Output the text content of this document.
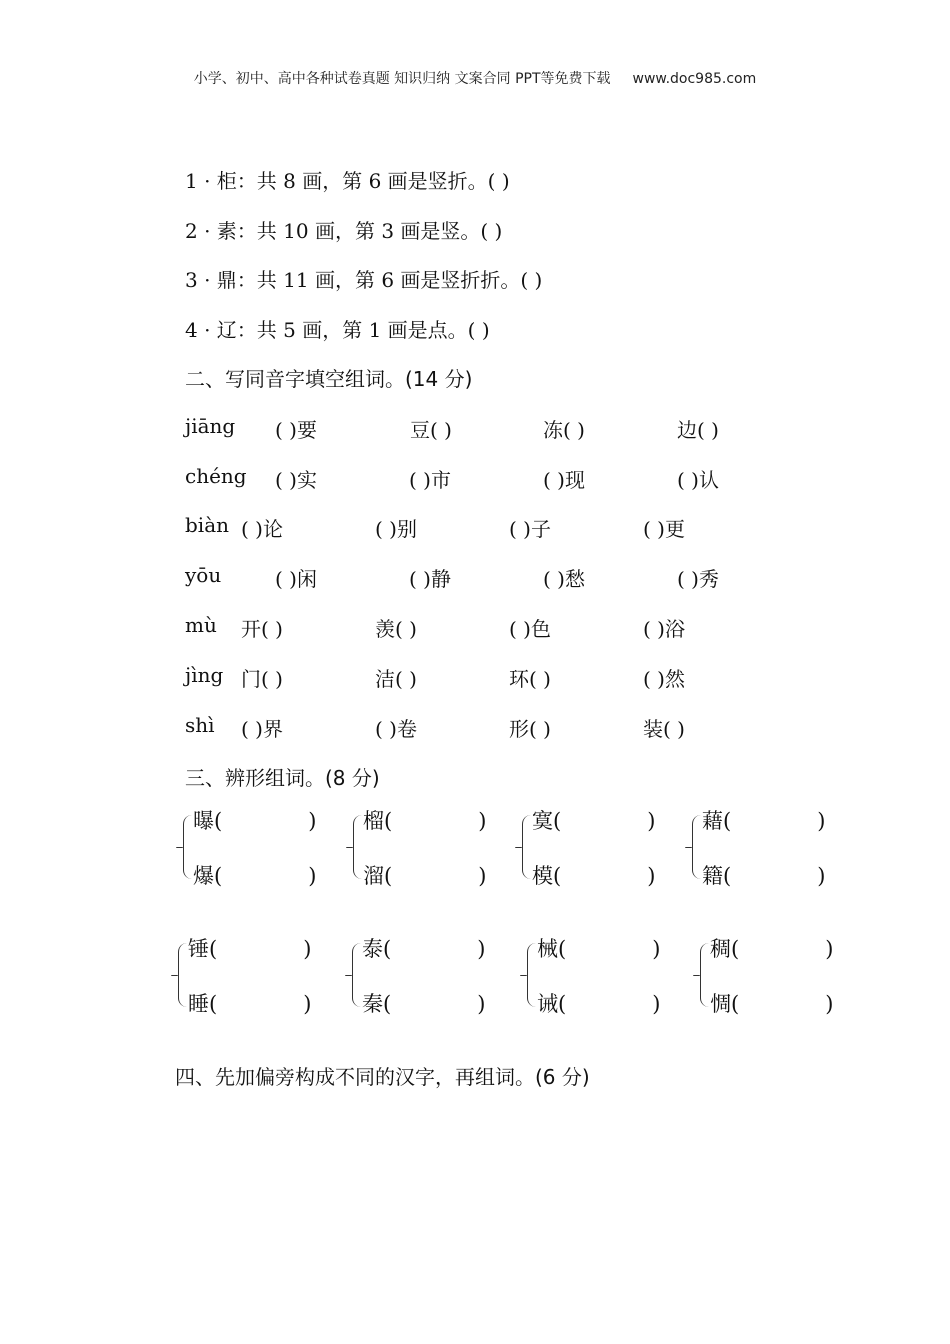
小学、初中、高中各种试卷真题 知识归纳 文案合同 PPT等免费下载 www.doc985.com
1 · 柜：共 8 画，第 6 画是竖折。( )
2 · 素：共 10 画，第 3 画是竖。( )
3 · 鼎：共 11 画，第 6 画是竖折折。( )
4 · 辽：共 5 画，第 1 画是点。( )
二、写同音字填空组词。(14 分)
jiāng ( )要	豆( )	冻( )	边( )
chéng ( )实	( )市	( )现	( )认
biàn ( )论	( )别	( )子	( )更
yōu	( )闲	( )静	( )愁	( )秀
mù 开( )	羡( )	( )色	( )浴
jìng 门( )	洁( )	环( )	( )然
shì ( )界	( )卷	形( )	装( )
三、辨形组词。(8 分)
曝(	)
爆(	)
榴(	)
溜(	)
寞(	)
模(	)
藉(	)
籍(	)
锤(	)
睡(	)
泰(	)
秦(	)
械(	)
诫(	)
稠(	)
惆(	)
四、先加偏旁构成不同的汉字，再组词。(6 分)
